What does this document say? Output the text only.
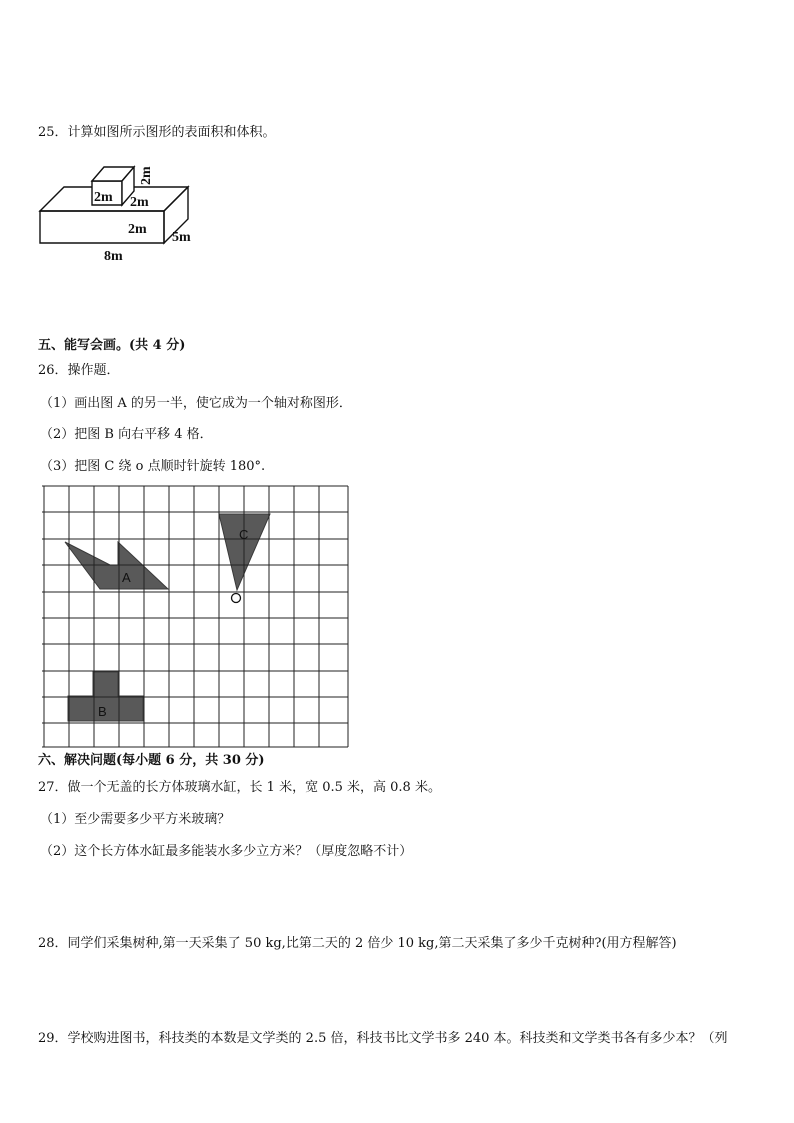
25．计算如图所示图形的表面积和体积。
2m
2m
2m
2m
5m
8m
五、能写会画。(共 4 分)
26．操作题．
（1）画出图 A 的另一半，使它成为一个轴对称图形．
（2）把图 B 向右平移 4 格．
（3）把图 C 绕 o 点顺时针旋转 180°.
A
B
C
六、解决问题(每小题 6 分，共 30 分)
27．做一个无盖的长方体玻璃水缸，长 1 米，宽 0.5 米，高 0.8 米。
（1）至少需要多少平方米玻璃？
（2）这个长方体水缸最多能装水多少立方米？（厚度忽略不计）
28．同学们采集树种,第一天采集了 50 kg,比第二天的 2 倍少 10 kg,第二天采集了多少千克树种?(用方程解答)
29．学校购进图书，科技类的本数是文学类的 2.5 倍，科技书比文学书多 240 本。科技类和文学类书各有多少本？（列
